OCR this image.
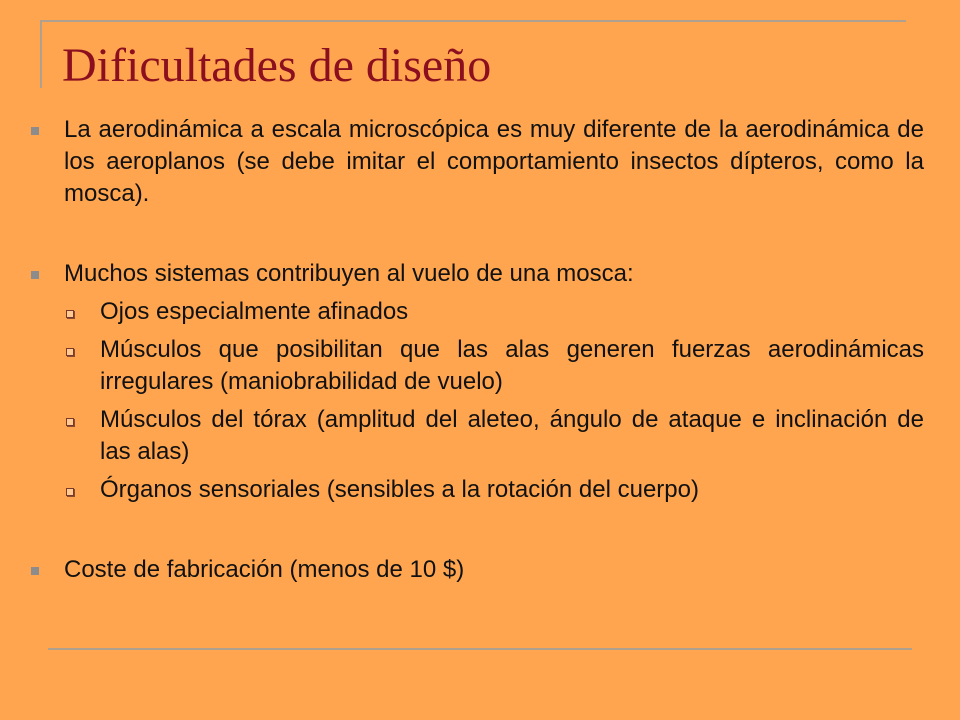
Dificultades de diseño
La aerodinámica a escala microscópica es muy diferente de la aerodinámica de los aeroplanos (se debe imitar el comportamiento insectos dípteros, como la mosca).
Muchos sistemas contribuyen al vuelo de una mosca:
Ojos especialmente afinados
Músculos que posibilitan que las alas generen fuerzas aerodinámicas irregulares (maniobrabilidad de vuelo)
Músculos del tórax (amplitud del aleteo, ángulo de ataque e inclinación de las alas)
Órganos sensoriales (sensibles a la rotación del cuerpo)
Coste de fabricación (menos de 10 $)
